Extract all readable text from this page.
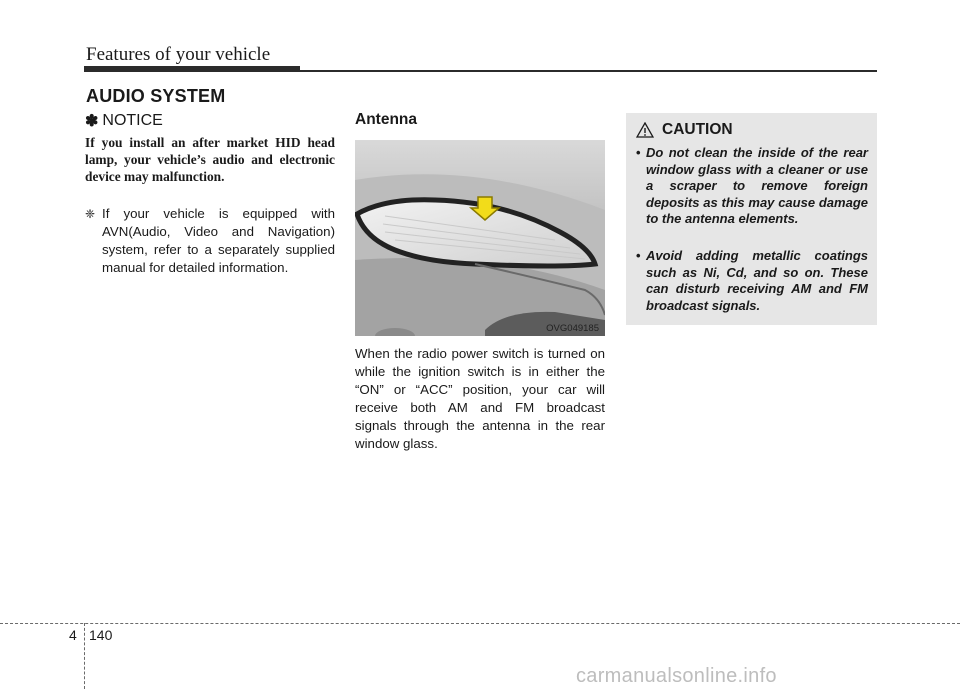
Features of your vehicle
AUDIO SYSTEM
✽ NOTICE
If you install an after market HID head lamp, your vehicle’s audio and electronic device may malfunction.
❈ If your vehicle is equipped with AVN(Audio, Video and Navigation) system, refer to a separately supplied manual for detailed information.
Antenna
OVG049185
When the radio power switch is turned on while the ignition switch is in either the “ON” or “ACC” position, your car will receive both AM and FM broadcast signals through the antenna in the rear window glass.
CAUTION
• Do not clean the inside of the rear window glass with a cleaner or use a scraper to remove foreign deposits as this may cause damage to the antenna elements.
• Avoid adding metallic coatings such as Ni, Cd, and so on. These can disturb receiving AM and FM broadcast signals.
4 140
carmanualsonline.info
